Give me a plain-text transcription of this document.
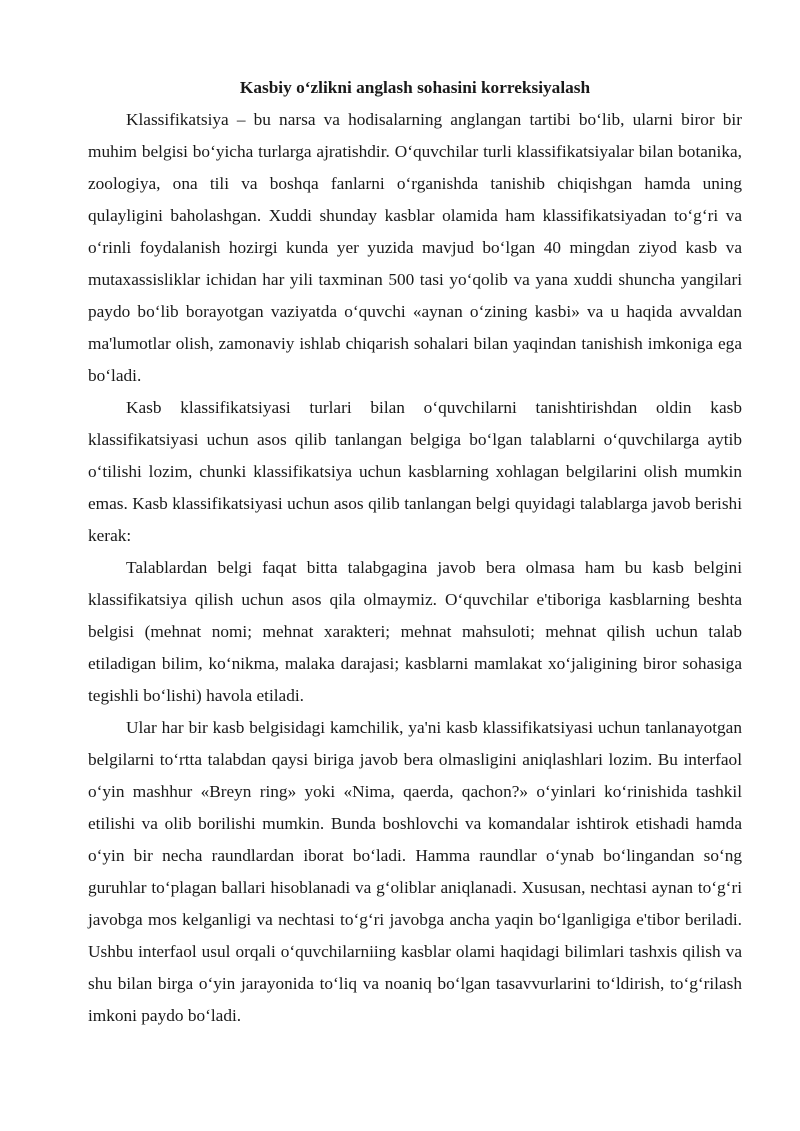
Kasbiy oʻzlikni anglash sohasini korreksiyalash

Klassifikatsiya – bu narsa va hodisalarning anglangan tartibi boʻlib, ularni biror bir muhim belgisi boʻyicha turlarga ajratishdir. Oʻquvchilar turli klassifikatsiyalar bilan botanika, zoologiya, ona tili va boshqa fanlarni oʻrganishda tanishib chiqishgan hamda uning qulayligini baholashgan. Xuddi shunday kasblar olamida ham klassifikatsiyadan toʻgʻri va oʻrinli foydalanish hozirgi kunda yer yuzida mavjud boʻlgan 40 mingdan ziyod kasb va mutaxassisliklar ichidan har yili taxminan 500 tasi yoʻqolib va yana xuddi shuncha yangilari paydo boʻlib borayotgan vaziyatda oʻquvchi «aynan oʻzining kasbi» va u haqida avvaldan ma'lumotlar olish, zamonaviy ishlab chiqarish sohalari bilan yaqindan tanishish imkoniga ega boʻladi.

Kasb klassifikatsiyasi turlari bilan oʻquvchilarni tanishtirishdan oldin kasb klassifikatsiyasi uchun asos qilib tanlangan belgiga boʻlgan talablarni oʻquvchilarga aytib oʻtilishi lozim, chunki klassifikatsiya uchun kasblarning xohlagan belgilarini olish mumkin emas. Kasb klassifikatsiyasi uchun asos qilib tanlangan belgi quyidagi talablarga javob berishi kerak:

Talablardan belgi faqat bitta talabgagina javob bera olmasa ham bu kasb belgini klassifikatsiya qilish uchun asos qila olmaymiz. Oʻquvchilar e'tiboriga kasblarning beshta belgisi (mehnat nomi; mehnat xarakteri; mehnat mahsuloti; mehnat qilish uchun talab etiladigan bilim, koʻnikma, malaka darajasi; kasblarni mamlakat xoʻjaligining biror sohasiga tegishli boʻlishi) havola etiladi.

Ular har bir kasb belgisidagi kamchilik, ya'ni kasb klassifikatsiyasi uchun tanlanayotgan belgilarni toʻrtta talabdan qaysi biriga javob bera olmasligini aniqlashlari lozim. Bu interfaol oʻyin mashhur «Breyn ring» yoki «Nima, qaerda, qachon?» oʻyinlari koʻrinishida tashkil etilishi va olib borilishi mumkin. Bunda boshlovchi va komandalar ishtirok etishadi hamda oʻyin bir necha raundlardan iborat boʻladi. Hamma raundlar oʻynab boʻlingandan soʻng guruhlar toʻplagan ballari hisoblanadi va gʻoliblar aniqlanadi. Xususan, nechtasi aynan toʻgʻri javobga mos kelganligi va nechtasi toʻgʻri javobga ancha yaqin boʻlganligiga e'tibor beriladi. Ushbu interfaol usul orqali oʻquvchilarniing kasblar olami haqidagi bilimlari tashxis qilish va shu bilan birga oʻyin jarayonida toʻliq va noaniq boʻlgan tasavvurlarini toʻldirish, toʻgʻrilash imkoni paydo boʻladi.
